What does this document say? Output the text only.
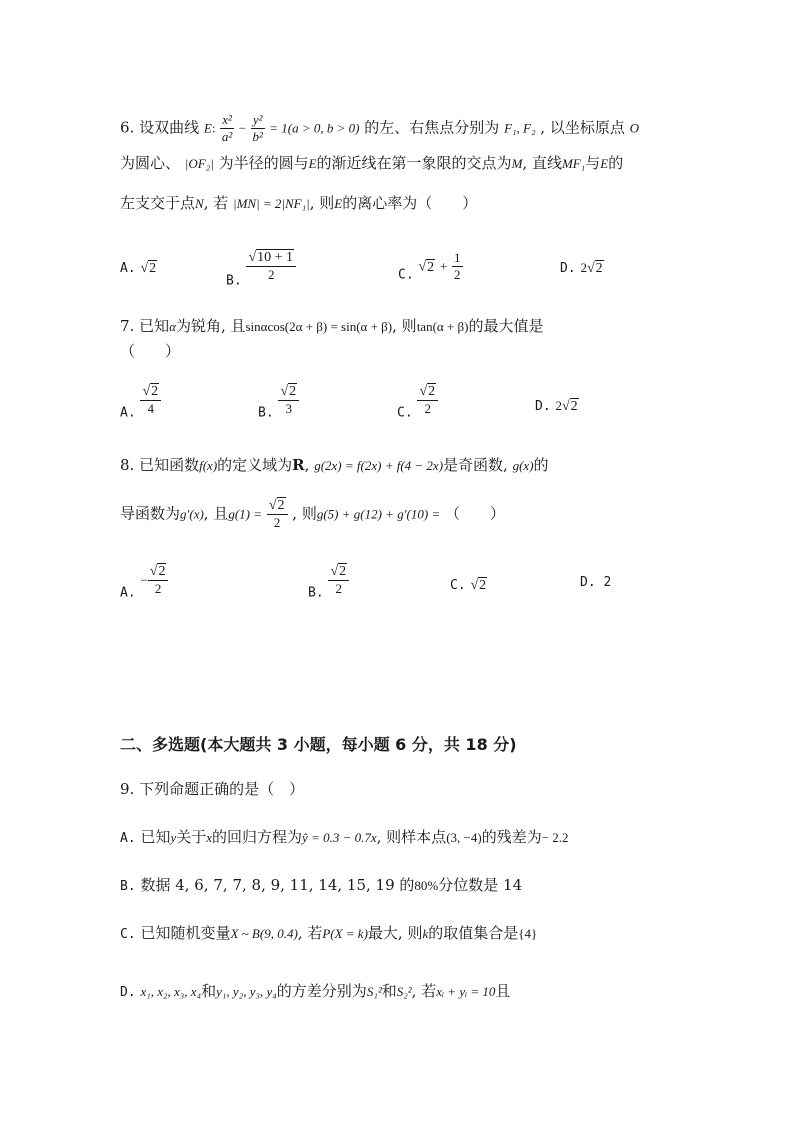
6. 设双曲线 E: $\frac{\text{x²}}{\text{a²}} - \frac{\text{y²}}{\text{b²}} = 1(a > 0$, b > 0) 的左、右焦点分别为 F₁, F₂ , 以坐标原点 O
为圆心、 |OF₂| 为半径的圆与E的渐近线在第一象限的交点为M, 直线MF₁与E的
左支交于点N, 若 |MN| = 2|NF₁|, 则E的离心率为（　　）
A. √2
B. $\frac{√10 + 1}{2}$	C. $√2 + \frac{1}{2}$	D. 2√2
7. 已知α为锐角, 且sinαcos(2α + β) = sin(α + β), 则tan(α + β)的最大值是
（　　）
A. $\frac{√2}{4}$	B. $\frac{√2}{3}$	C. $\frac{√2}{2}$	D. 2√2
8. 已知函数f(x)的定义域为R, g(2x) = f(2x) + f(4 − 2x)是奇函数, g(x)的
导函数为g′(x), 且$g(1) = \frac{√2}{2}$ , 则g(5) + g(12) + g′(10) = （　　）
A. − $\frac{√2}{2}$	B. $\frac{√2}{2}$	C. √2	D. 2
二、多选题(本大题共 3 小题，每小题 6 分，共 18 分)
9. 下列命题正确的是（　）
A. 已知y关于x的回归方程为ŷ = 0.3 − 0.7x, 则样本点(3, −4)的残差为− 2.2
B. 数据 4, 6, 7, 7, 8, 9, 11, 14, 15, 19 的80%分位数是 14
C. 已知随机变量X ~ B(9, 0.4), 若P(X = k)最大, 则k的取值集合是{4}
D. x₁, x₂, x₃, x₄和y₁, y₂, y₃, y₄的方差分别为S₁²和S₂², 若xᵢ + yᵢ = 10且
